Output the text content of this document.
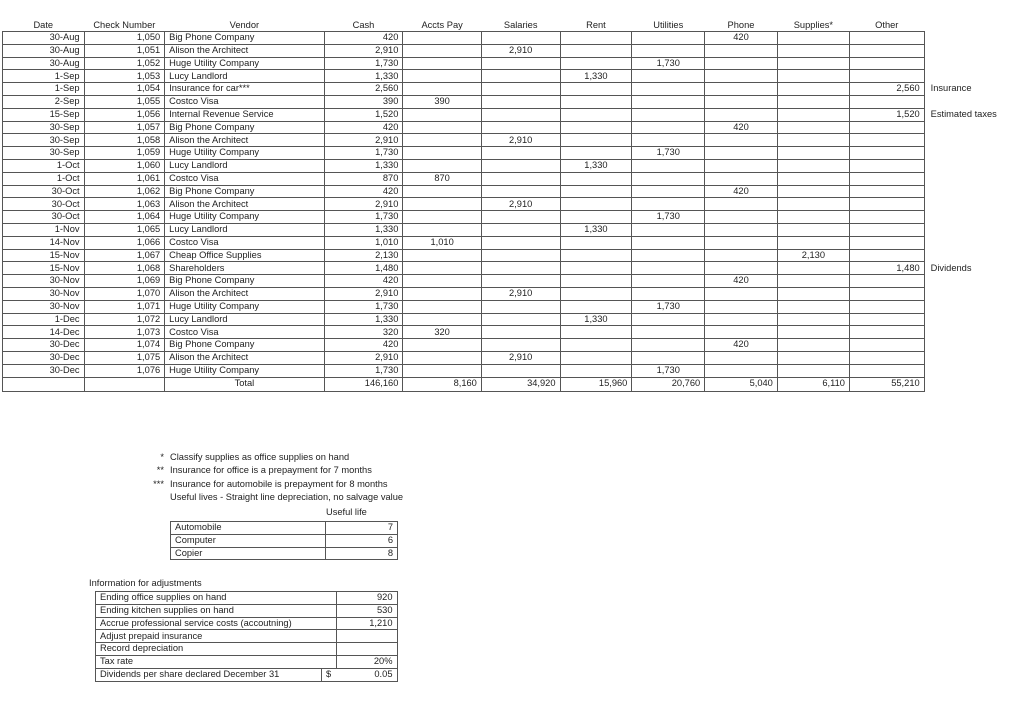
Date	Check Number	Vendor	Cash	Accts Pay	Salaries	Rent	Utilities	Phone	Supplies*	Other	
30-Aug	1,050	Big Phone Company	420					420			
30-Aug	1,051	Alison the Architect	2,910		2,910						
30-Aug	1,052	Huge Utility Company	1,730				1,730				
1-Sep	1,053	Lucy Landlord	1,330			1,330					
1-Sep	1,054	Insurance for car***	2,560							2,560	Insurance
2-Sep	1,055	Costco Visa	390	390							
15-Sep	1,056	Internal Revenue Service	1,520							1,520	Estimated taxes
30-Sep	1,057	Big Phone Company	420					420			
30-Sep	1,058	Alison the Architect	2,910		2,910						
30-Sep	1,059	Huge Utility Company	1,730				1,730				
1-Oct	1,060	Lucy Landlord	1,330			1,330					
1-Oct	1,061	Costco Visa	870	870							
30-Oct	1,062	Big Phone Company	420					420			
30-Oct	1,063	Alison the Architect	2,910		2,910						
30-Oct	1,064	Huge Utility Company	1,730				1,730				
1-Nov	1,065	Lucy Landlord	1,330			1,330					
14-Nov	1,066	Costco Visa	1,010	1,010							
15-Nov	1,067	Cheap Office Supplies	2,130						2,130		
15-Nov	1,068	Shareholders	1,480							1,480	Dividends
30-Nov	1,069	Big Phone Company	420					420			
30-Nov	1,070	Alison the Architect	2,910		2,910						
30-Nov	1,071	Huge Utility Company	1,730				1,730				
1-Dec	1,072	Lucy Landlord	1,330			1,330					
14-Dec	1,073	Costco Visa	320	320							
30-Dec	1,074	Big Phone Company	420					420			
30-Dec	1,075	Alison the Architect	2,910		2,910						
30-Dec	1,076	Huge Utility Company	1,730				1,730				
		Total	146,160	8,160	34,920	15,960	20,760	5,040	6,110	55,210	
* Classify supplies as office supplies on hand
** Insurance for office is a prepayment for 7 months
*** Insurance for automobile is prepayment for 8 months
Useful lives - Straight line depreciation, no salvage value
Useful life
Automobile	7
Computer	6
Copier	8
Information for adjustments
Ending office supplies on hand		920
Ending kitchen supplies on hand		530
Accrue professional service costs (accoutning)		1,210
Adjust prepaid insurance		
Record depreciation		
Tax rate		20%
Dividends per share declared December 31	$	0.05
